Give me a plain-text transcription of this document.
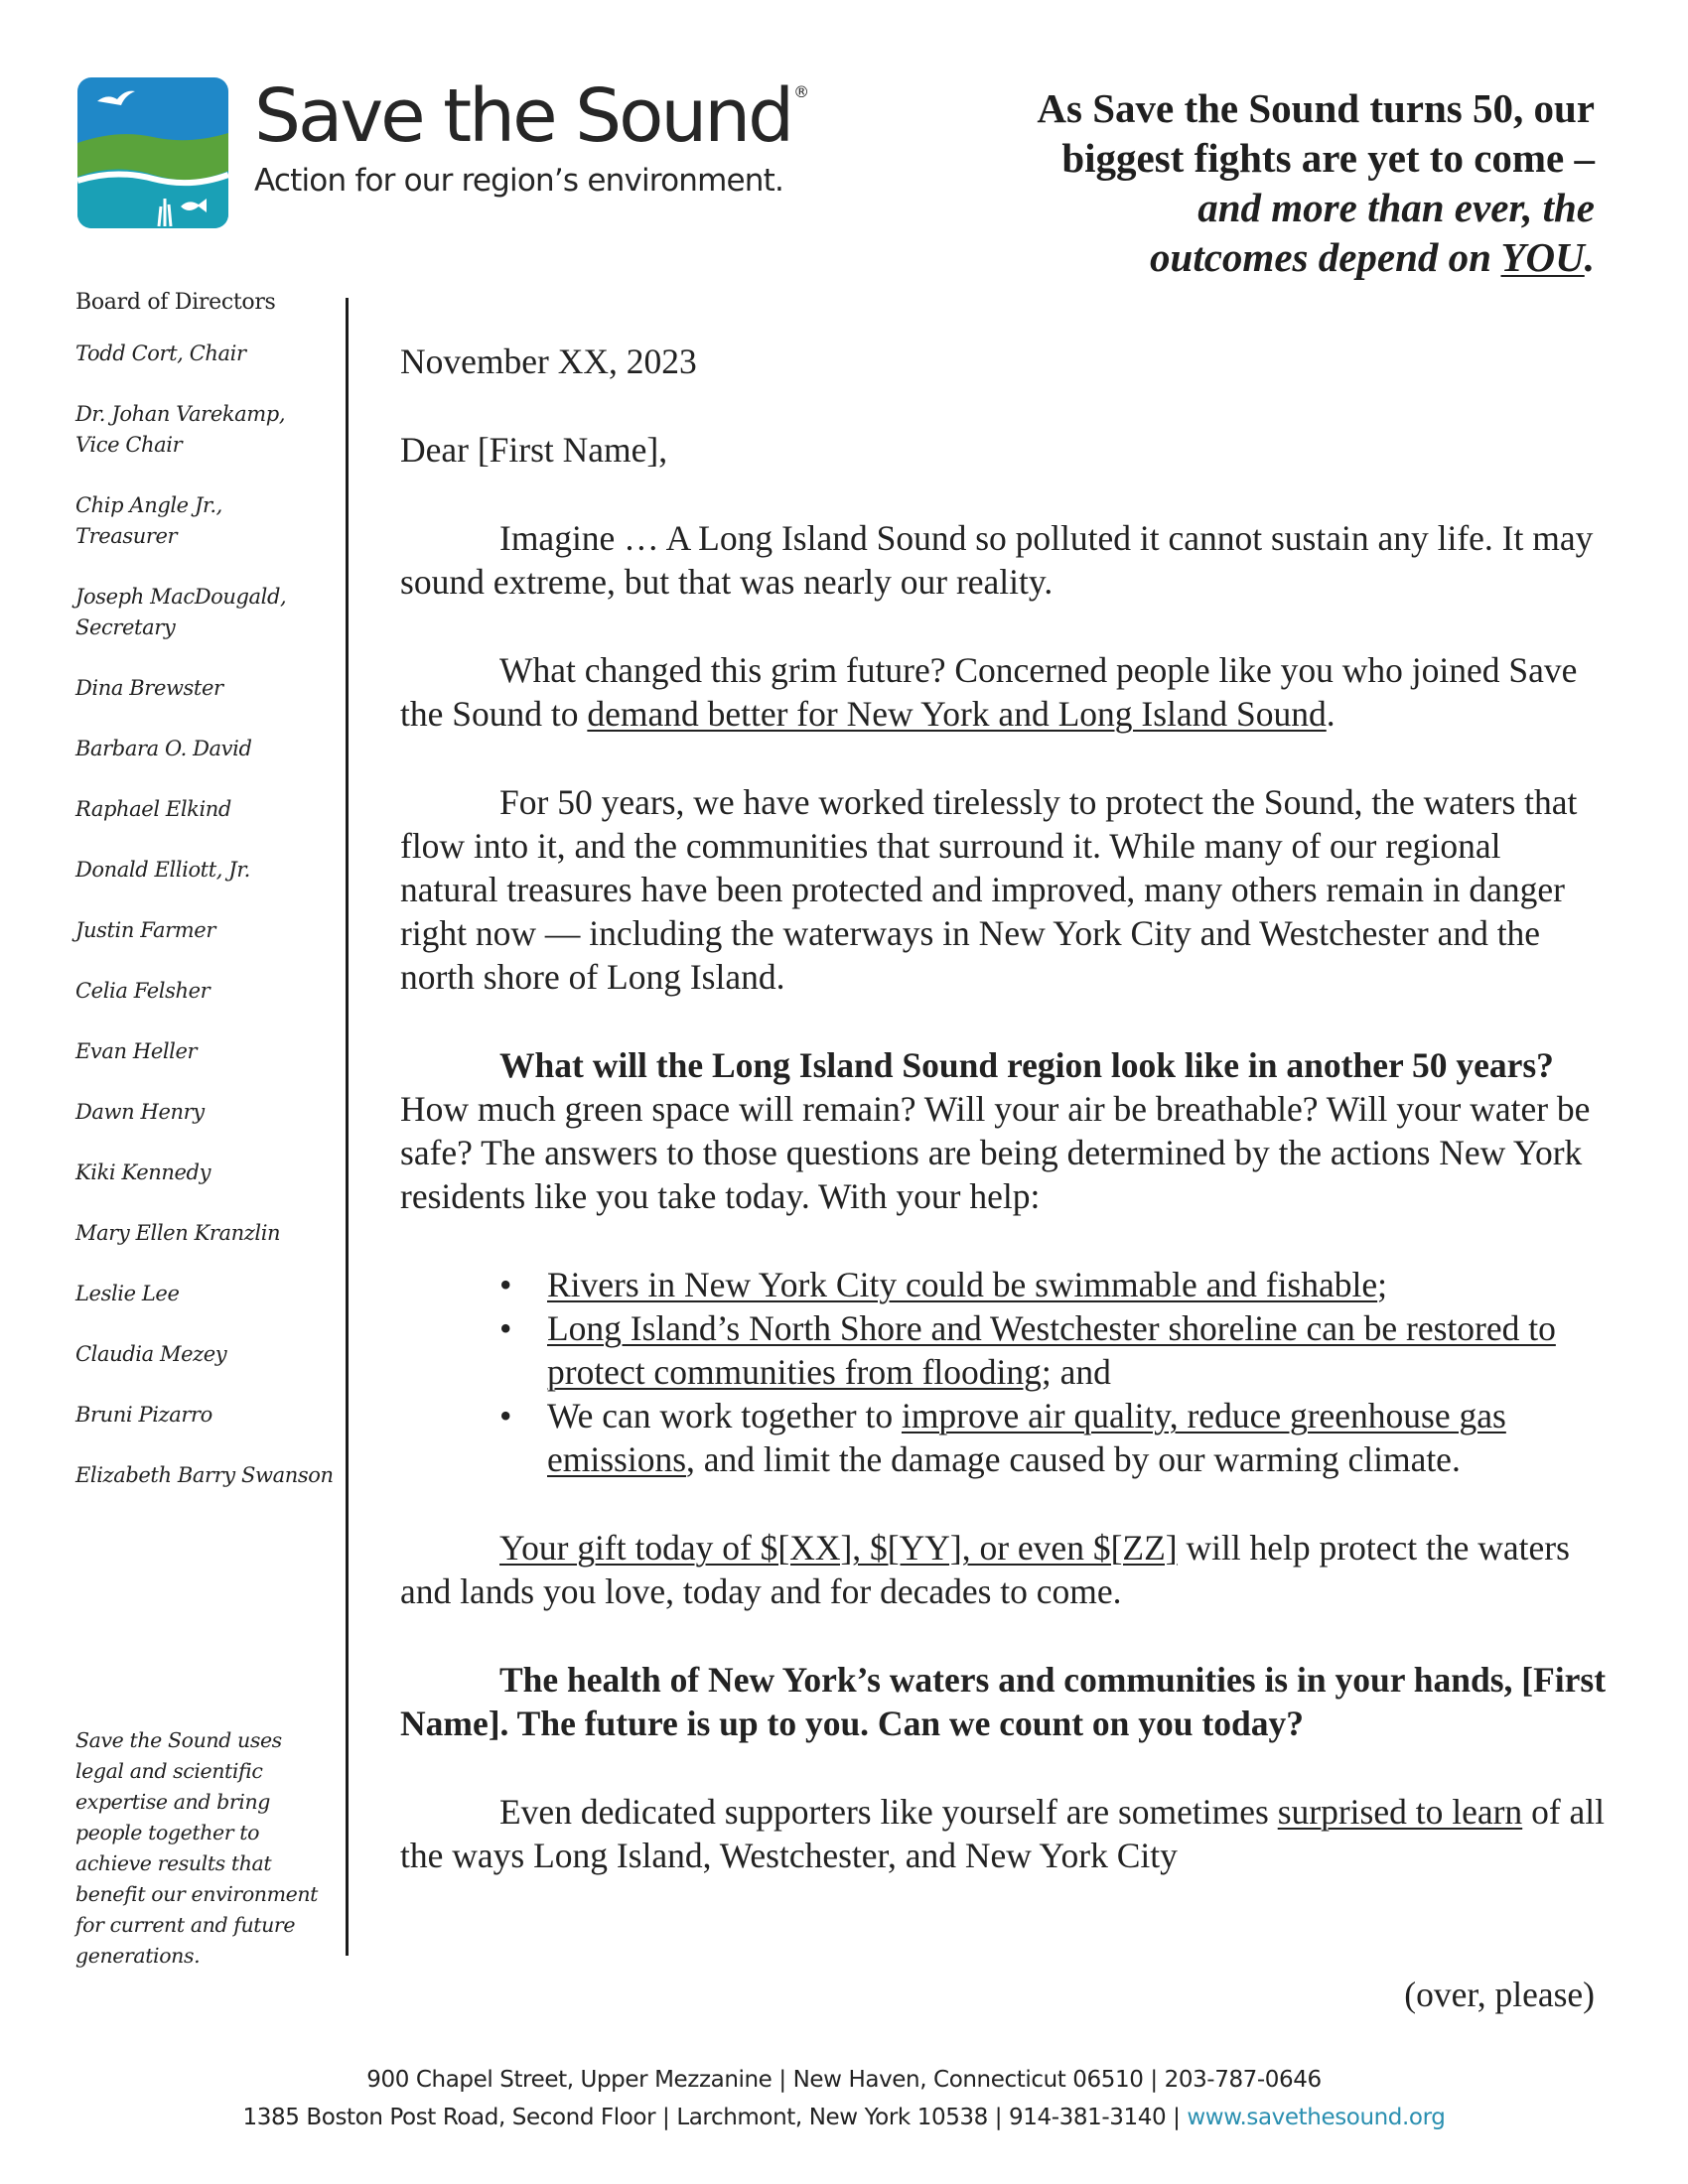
Save the Sound ®
Action for our region’s environment.
As Save the Sound turns 50, our
biggest fights are yet to come –
and more than ever, the
outcomes depend on YOU.
Board of Directors
Todd Cort, Chair
Dr. Johan Varekamp,
Vice Chair
Chip Angle Jr.,
Treasurer
Joseph MacDougald,
Secretary
Dina Brewster
Barbara O. David
Raphael Elkind
Donald Elliott, Jr.
Justin Farmer
Celia Felsher
Evan Heller
Dawn Henry
Kiki Kennedy
Mary Ellen Kranzlin
Leslie Lee
Claudia Mezey
Bruni Pizarro
Elizabeth Barry Swanson
Save the Sound uses legal and scientific expertise and bring people together to achieve results that benefit our environment for current and future generations.

November XX, 2023

Dear [First Name],

Imagine … A Long Island Sound so polluted it cannot sustain any life. It may sound extreme, but that was nearly our reality.

What changed this grim future? Concerned people like you who joined Save the Sound to demand better for New York and Long Island Sound.

For 50 years, we have worked tirelessly to protect the Sound, the waters that flow into it, and the communities that surround it. While many of our regional natural treasures have been protected and improved, many others remain in danger right now — including the waterways in New York City and Westchester and the north shore of Long Island.

What will the Long Island Sound region look like in another 50 years? How much green space will remain? Will your air be breathable? Will your water be safe? The answers to those questions are being determined by the actions New York residents like you take today. With your help:

• Rivers in New York City could be swimmable and fishable;
• Long Island’s North Shore and Westchester shoreline can be restored to protect communities from flooding; and
• We can work together to improve air quality, reduce greenhouse gas emissions, and limit the damage caused by our warming climate.

Your gift today of $[XX], $[YY], or even $[ZZ] will help protect the waters and lands you love, today and for decades to come.

The health of New York’s waters and communities is in your hands, [First Name]. The future is up to you. Can we count on you today?

Even dedicated supporters like yourself are sometimes surprised to learn of all the ways Long Island, Westchester, and New York City

(over, please)
900 Chapel Street, Upper Mezzanine | New Haven, Connecticut 06510 | 203-787-0646
1385 Boston Post Road, Second Floor | Larchmont, New York 10538 | 914-381-3140 | www.savethesound.org
